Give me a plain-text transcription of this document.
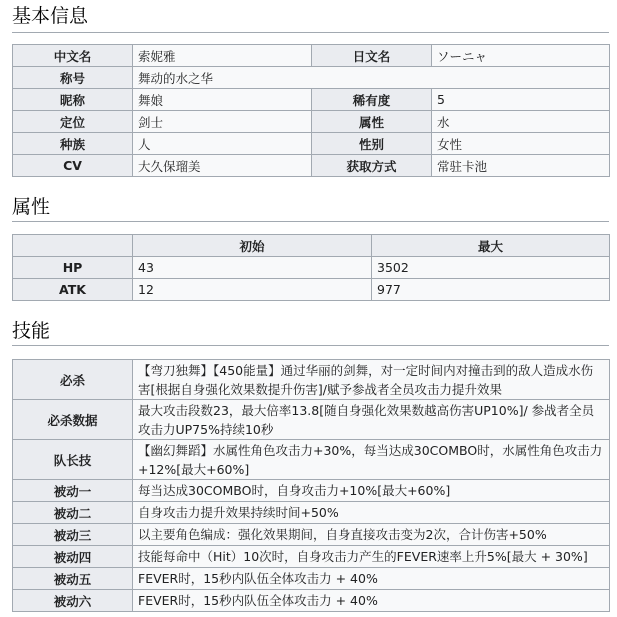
基本信息
中文名	索妮雅	日文名	ソーニャ
称号	舞动的水之华		
昵称	舞娘	稀有度	5
定位	剑士	属性	水
种族	人	性别	女性
CV	大久保瑠美	获取方式	常驻卡池
属性
	初始	最大
HP	43	3502
ATK	12	977
技能
必杀	【弯刀独舞】【450能量】通过华丽的剑舞，对一定时间内对撞击到的敌人造成水伤害[根据自身强化效果数提升伤害]/赋予参战者全员攻击力提升效果
必杀数据	最大攻击段数23，最大倍率13.8[随自身强化效果数越高伤害UP10%]/ 参战者全员攻击力UP75%持续10秒
队长技	【幽幻舞蹈】水属性角色攻击力+30%，每当达成30COMBO时，水属性角色攻击力+12%[最大+60%]
被动一	每当达成30COMBO时，自身攻击力+10%[最大+60%]
被动二	自身攻击力提升效果持续时间+50%
被动三	以主要角色编成：强化效果期间，自身直接攻击变为2次，合计伤害+50%
被动四	技能每命中（Hit）10次时，自身攻击力产生的FEVER速率上升5%[最大 + 30%]
被动五	FEVER时，15秒内队伍全体攻击力 + 40%
被动六	FEVER时，15秒内队伍全体攻击力 + 40%
